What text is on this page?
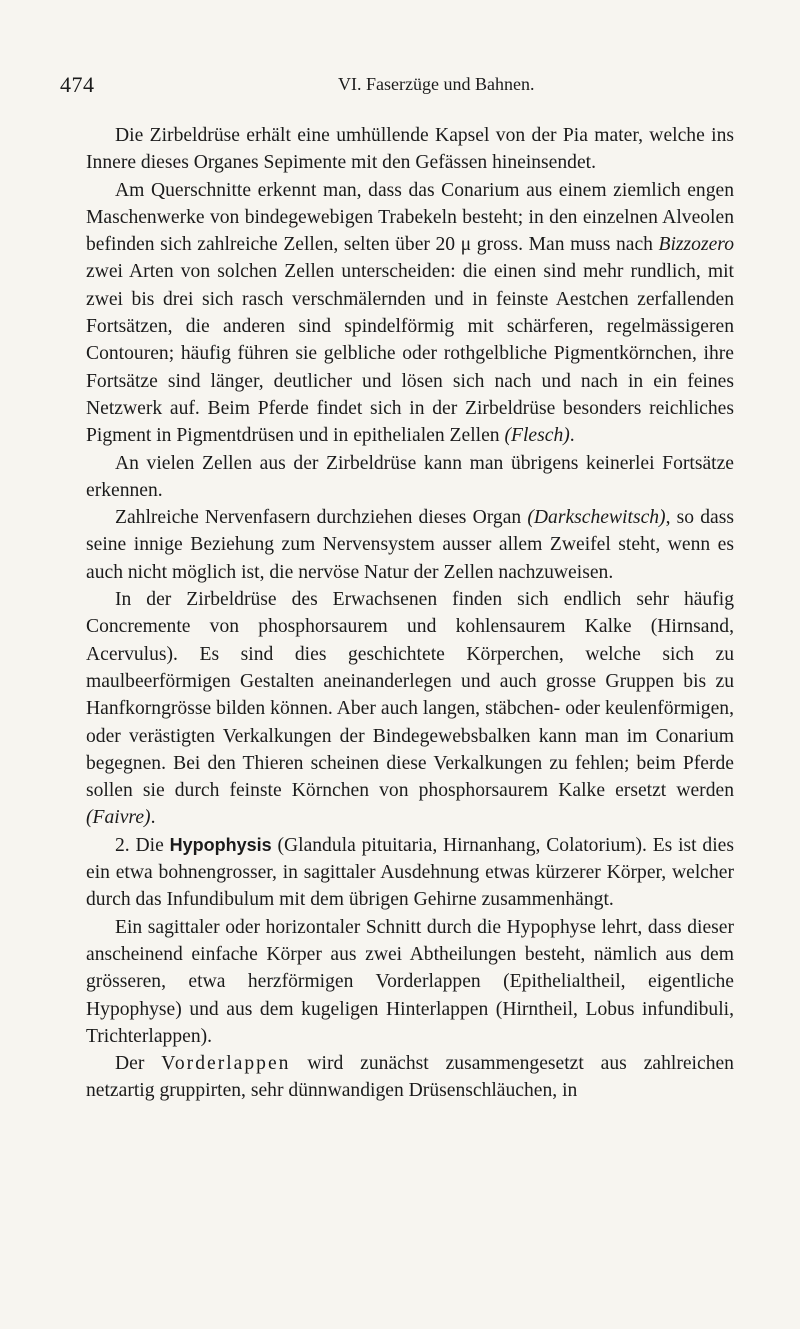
474	VI. Faserzüge und Bahnen.

Die Zirbeldrüse erhält eine umhüllende Kapsel von der Pia mater, welche ins Innere dieses Organes Sepimente mit den Gefässen hineinsendet.

Am Querschnitte erkennt man, dass das Conarium aus einem ziemlich engen Maschenwerke von bindegewebigen Trabekeln besteht; in den einzelnen Alveolen befinden sich zahlreiche Zellen, selten über 20 μ gross. Man muss nach Bizzozero zwei Arten von solchen Zellen unterscheiden: die einen sind mehr rundlich, mit zwei bis drei sich rasch verschmälernden und in feinste Aestchen zerfallenden Fortsätzen, die anderen sind spindelförmig mit schärferen, regelmässigeren Contouren; häufig führen sie gelbliche oder rothgelbliche Pigmentkörnchen, ihre Fortsätze sind länger, deutlicher und lösen sich nach und nach in ein feines Netzwerk auf. Beim Pferde findet sich in der Zirbeldrüse besonders reichliches Pigment in Pigmentdrüsen und in epithelialen Zellen (Flesch).

An vielen Zellen aus der Zirbeldrüse kann man übrigens keinerlei Fortsätze erkennen.

Zahlreiche Nervenfasern durchziehen dieses Organ (Darkschewitsch), so dass seine innige Beziehung zum Nervensystem ausser allem Zweifel steht, wenn es auch nicht möglich ist, die nervöse Natur der Zellen nachzuweisen.

In der Zirbeldrüse des Erwachsenen finden sich endlich sehr häufig Concremente von phosphorsaurem und kohlensaurem Kalke (Hirnsand, Acervulus). Es sind dies geschichtete Körperchen, welche sich zu maulbeerförmigen Gestalten aneinanderlegen und auch grosse Gruppen bis zu Hanfkorngrösse bilden können. Aber auch langen, stäbchen- oder keulenförmigen, oder verästigten Verkalkungen der Bindegewebsbalken kann man im Conarium begegnen. Bei den Thieren scheinen diese Verkalkungen zu fehlen; beim Pferde sollen sie durch feinste Körnchen von phosphorsaurem Kalke ersetzt werden (Faivre).

2. Die Hypophysis (Glandula pituitaria, Hirnanhang, Colatorium). Es ist dies ein etwa bohnengrosser, in sagittaler Ausdehnung etwas kürzerer Körper, welcher durch das Infundibulum mit dem übrigen Gehirne zusammenhängt.

Ein sagittaler oder horizontaler Schnitt durch die Hypophyse lehrt, dass dieser anscheinend einfache Körper aus zwei Abtheilungen besteht, nämlich aus dem grösseren, etwa herzförmigen Vorderlappen (Epithelialtheil, eigentliche Hypophyse) und aus dem kugeligen Hinterlappen (Hirntheil, Lobus infundibuli, Trichterlappen).

Der Vorderlappen wird zunächst zusammengesetzt aus zahlreichen netzartig gruppirten, sehr dünnwandigen Drüsenschläuchen, in
